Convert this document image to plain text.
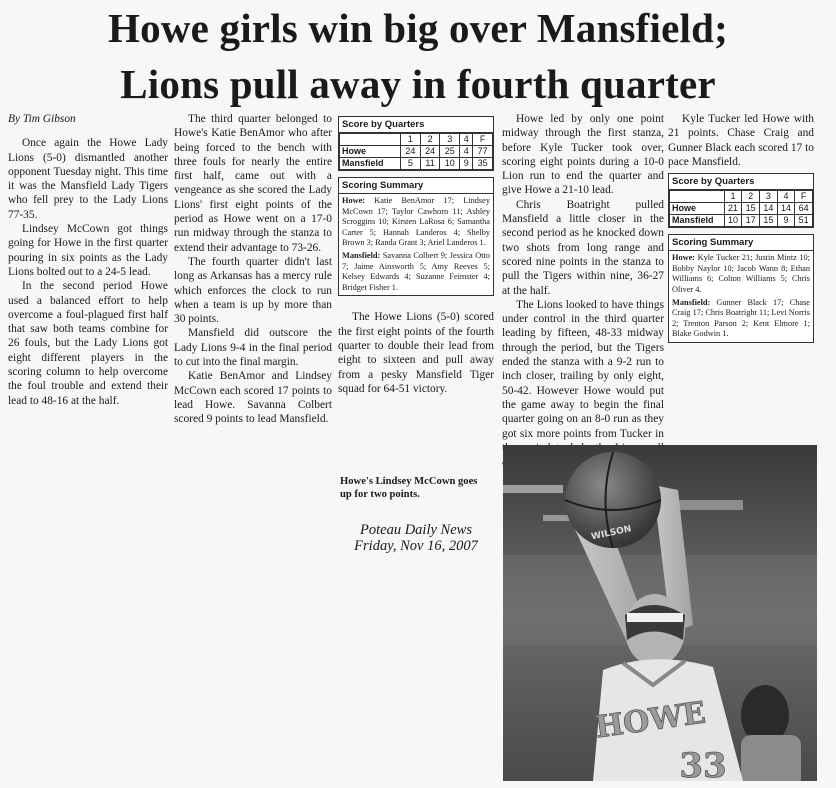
Howe girls win big over Mansfield;
Lions pull away in fourth quarter

By Tim Gibson

Once again the Howe Lady Lions (5-0) dismantled another opponent Tuesday night. This time it was the Mansfield Lady Tigers who fell prey to the Lady Lions 77-35.

Lindsey McCown got things going for Howe in the first quarter pouring in six points as the Lady Lions bolted out to a 24-5 lead.

In the second period Howe used a balanced effort to help overcome a foul-plagued first half that saw both teams combine for 26 fouls, but the Lady Lions got eight different players in the scoring column to help overcome the foul trouble and extend their lead to 48-16 at the half.

The third quarter belonged to Howe's Katie BenAmor who after being forced to the bench with three fouls for nearly the entire first half, came out with a vengeance as she scored the Lady Lions' first eight points of the period as Howe went on a 17-0 run midway through the stanza to extend their advantage to 73-26.

The fourth quarter didn't last long as Arkansas has a mercy rule which enforces the clock to run when a team is up by more than 30 points.

Mansfield did outscore the Lady Lions 9-4 in the final period to cut into the final margin.

Katie BenAmor and Lindsey McCown each scored 17 points to lead Howe. Savanna Colbert scored 9 points to lead Mansfield.

Score by Quarters
	1	2	3	4	F
Howe	24	24	25	4	77
Mansfield	5	11	10	9	35
Scoring Summary

Howe: Katie BenAmor 17; Lindsey McCown 17; Taylor Cawhorn 11; Ashley Scroggins 10; Kirsten LaRosa 6; Samantha Carter 5; Hannah Landeros 4; Shelby Brown 3; Randa Grant 3; Ariel Landeros 1.

Mansfield: Savanna Colbert 9; Jessica Otto 7; Jaime Ainsworth 5; Amy Reeves 5; Kelsey Edwards 4; Suzanne Feimster 4; Bridget Fisher 1.

The Howe Lions (5-0) scored the first eight points of the fourth quarter to double their lead from eight to sixteen and pull away from a pesky Mansfield Tiger squad for 64-51 victory.

Howe led by only one point midway through the first stanza, before Kyle Tucker took over, scoring eight points during a 10-0 Lion run to end the quarter and give Howe a 21-10 lead.

Chris Boatright pulled Mansfield a little closer in the second period as he knocked down two shots from long range and scored nine points in the stanza to pull the Tigers within nine, 36-27 at the half.

The Lions looked to have things under control in the third quarter leading by fifteen, 48-33 midway through the period, but the Tigers ended the stanza with a 9-2 run to inch closer, trailing by only eight, 50-42. However Howe would put the game away to begin the final quarter going on an 8-0 run as they got six more points from Tucker in

Kyle Tucker led Howe with 21 points. Chase Craig and Gunner Black each scored 17 to pace Mansfield.

Score by Quarters
	1	2	3	4	F
Howe	21	15	14	14	64
Mansfield	10	17	15	9	51
Scoring Summary

Howe: Kyle Tucker 21; Justin Mintz 10; Bobby Naylor 10; Jacob Wann 8; Ethan Williams 6; Colton Williams 5; Chris Oliver 4.

Mansfield: Gunner Black 17; Chase Craig 17; Chris Boatright 11; Levi Norris 2; Trenton Parson 2; Kent Elmore 1; Blake Godwin 1.

Howe's Lindsey McCown goes up for two points.
Poteau Daily News
Friday, Nov 16, 2007
WILSON
HOWE
33
